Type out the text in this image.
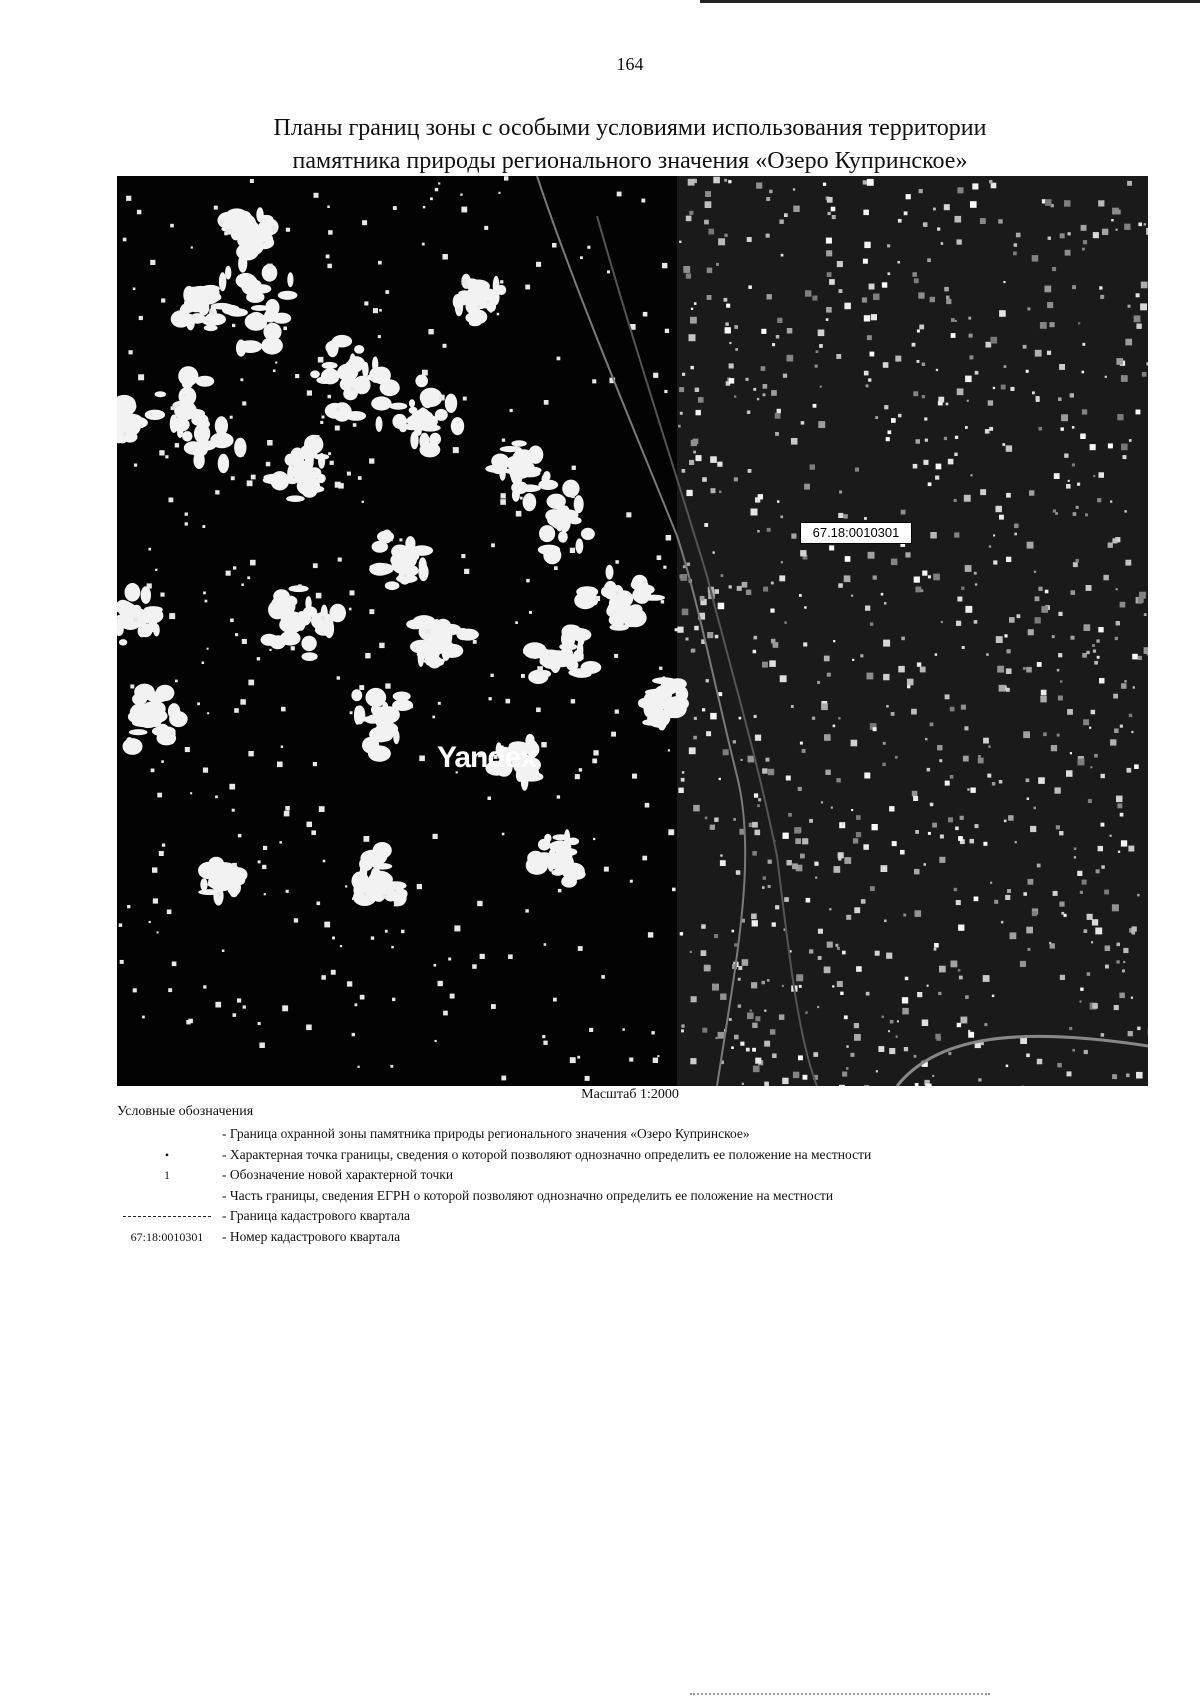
164
Планы границ зоны с особыми условиями использования территории
памятника природы регионального значения «Озеро Купринское»
Yandex
67.18:0010301
Масштаб 1:2000
Условные обозначения
- Граница охранной зоны памятника природы регионального значения «Озеро Купринское»
•	- Характерная точка границы, сведения о которой позволяют однозначно определить ее положение на местности
1	- Обозначение новой характерной точки
- Часть границы, сведения ЕГРН о которой позволяют однозначно определить ее положение на местности
- Граница кадастрового квартала
67:18:0010301	- Номер кадастрового квартала
